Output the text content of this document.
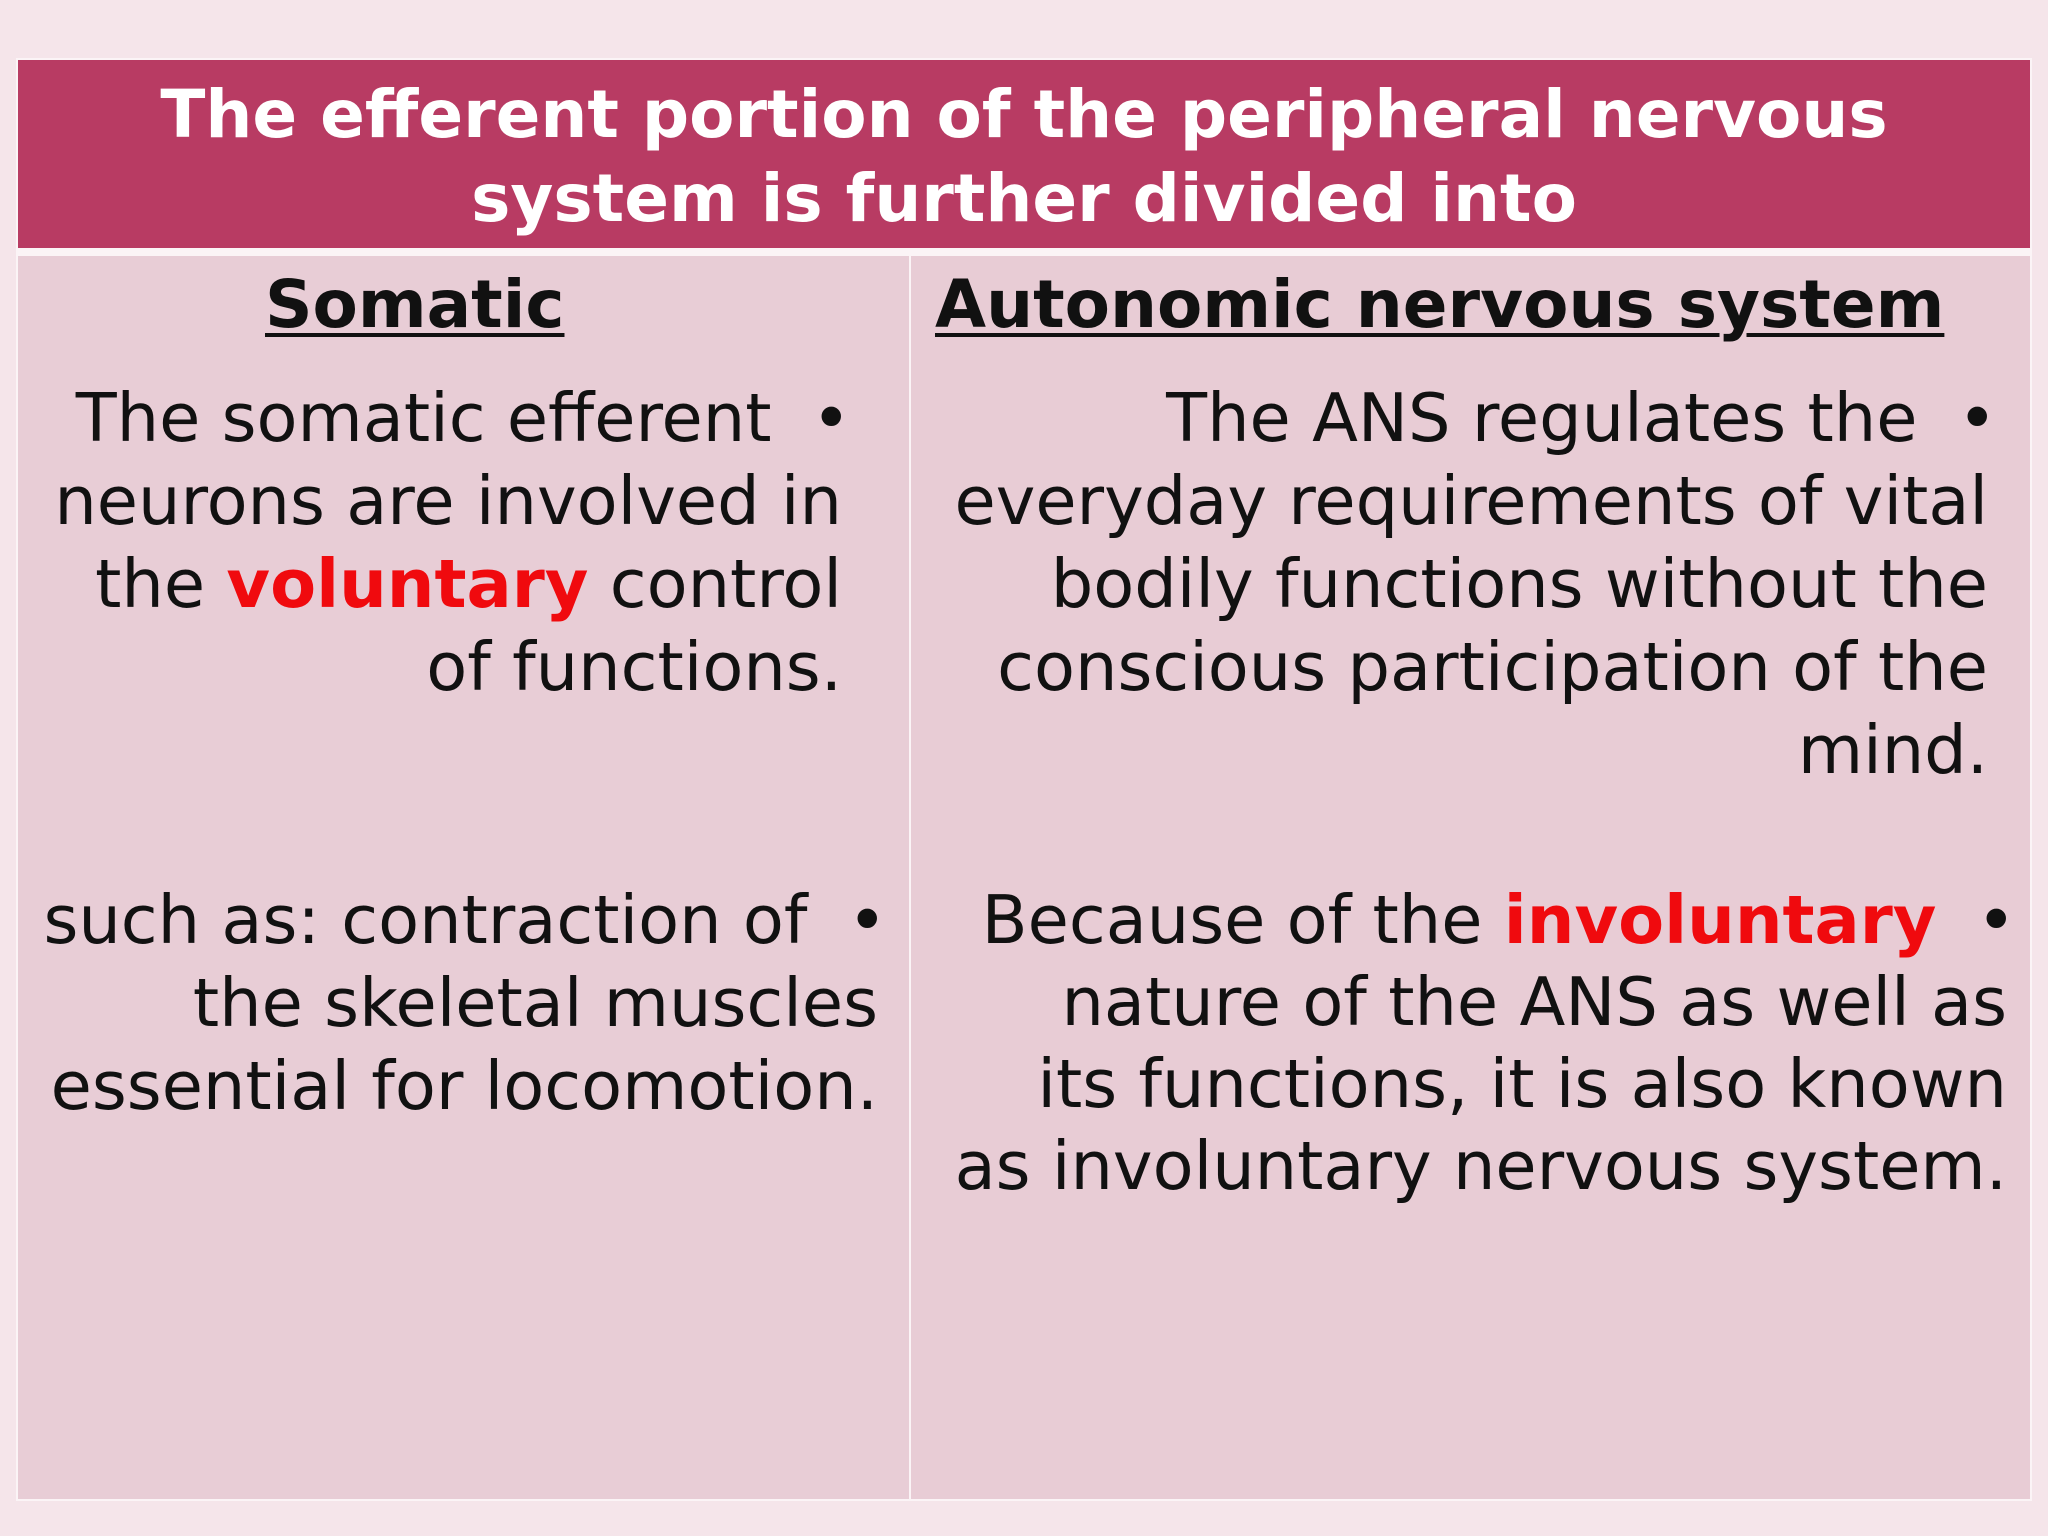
The efferent portion of the peripheral nervous
system is further divided into
Somatic
The somatic efferent •
neurons are involved in
the voluntary control
of functions.
such as: contraction of •
the skeletal muscles
essential for locomotion.
Autonomic nervous system
The ANS regulates the •
everyday requirements of vital
bodily functions without the
conscious participation of the
mind.
Because of the involuntary •
nature of the ANS as well as
its functions, it is also known
as involuntary nervous system.
